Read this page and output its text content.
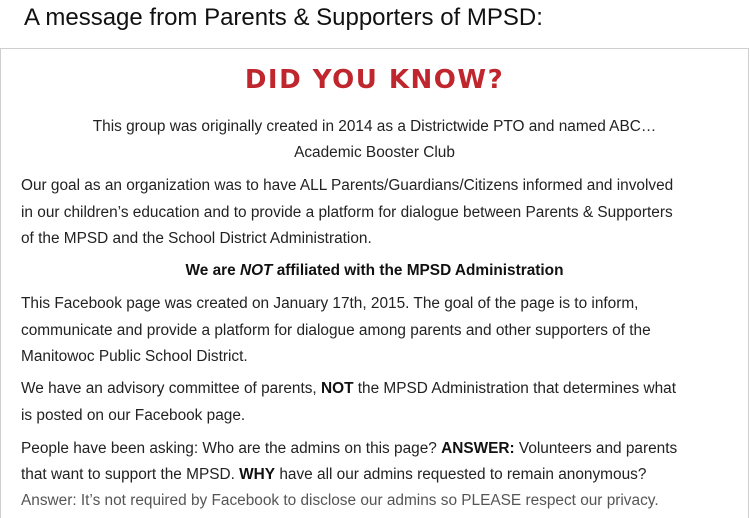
A message from Parents & Supporters of MPSD:
DID YOU KNOW?
This group was originally created in 2014 as a Districtwide PTO and named ABC…
Academic Booster Club
Our goal as an organization was to have ALL Parents/Guardians/Citizens informed and involved
in our children’s education and to provide a platform for dialogue between Parents & Supporters
of the MPSD and the School District Administration.
We are NOT affiliated with the MPSD Administration
This Facebook page was created on January 17th, 2015. The goal of the page is to inform,
communicate and provide a platform for dialogue among parents and other supporters of the
Manitowoc Public School District.
We have an advisory committee of parents, NOT the MPSD Administration that determines what
is posted on our Facebook page.
People have been asking: Who are the admins on this page? ANSWER: Volunteers and parents
that want to support the MPSD. WHY have all our admins requested to remain anonymous?
Answer: It’s not required by Facebook to disclose our admins so PLEASE respect our privacy.
